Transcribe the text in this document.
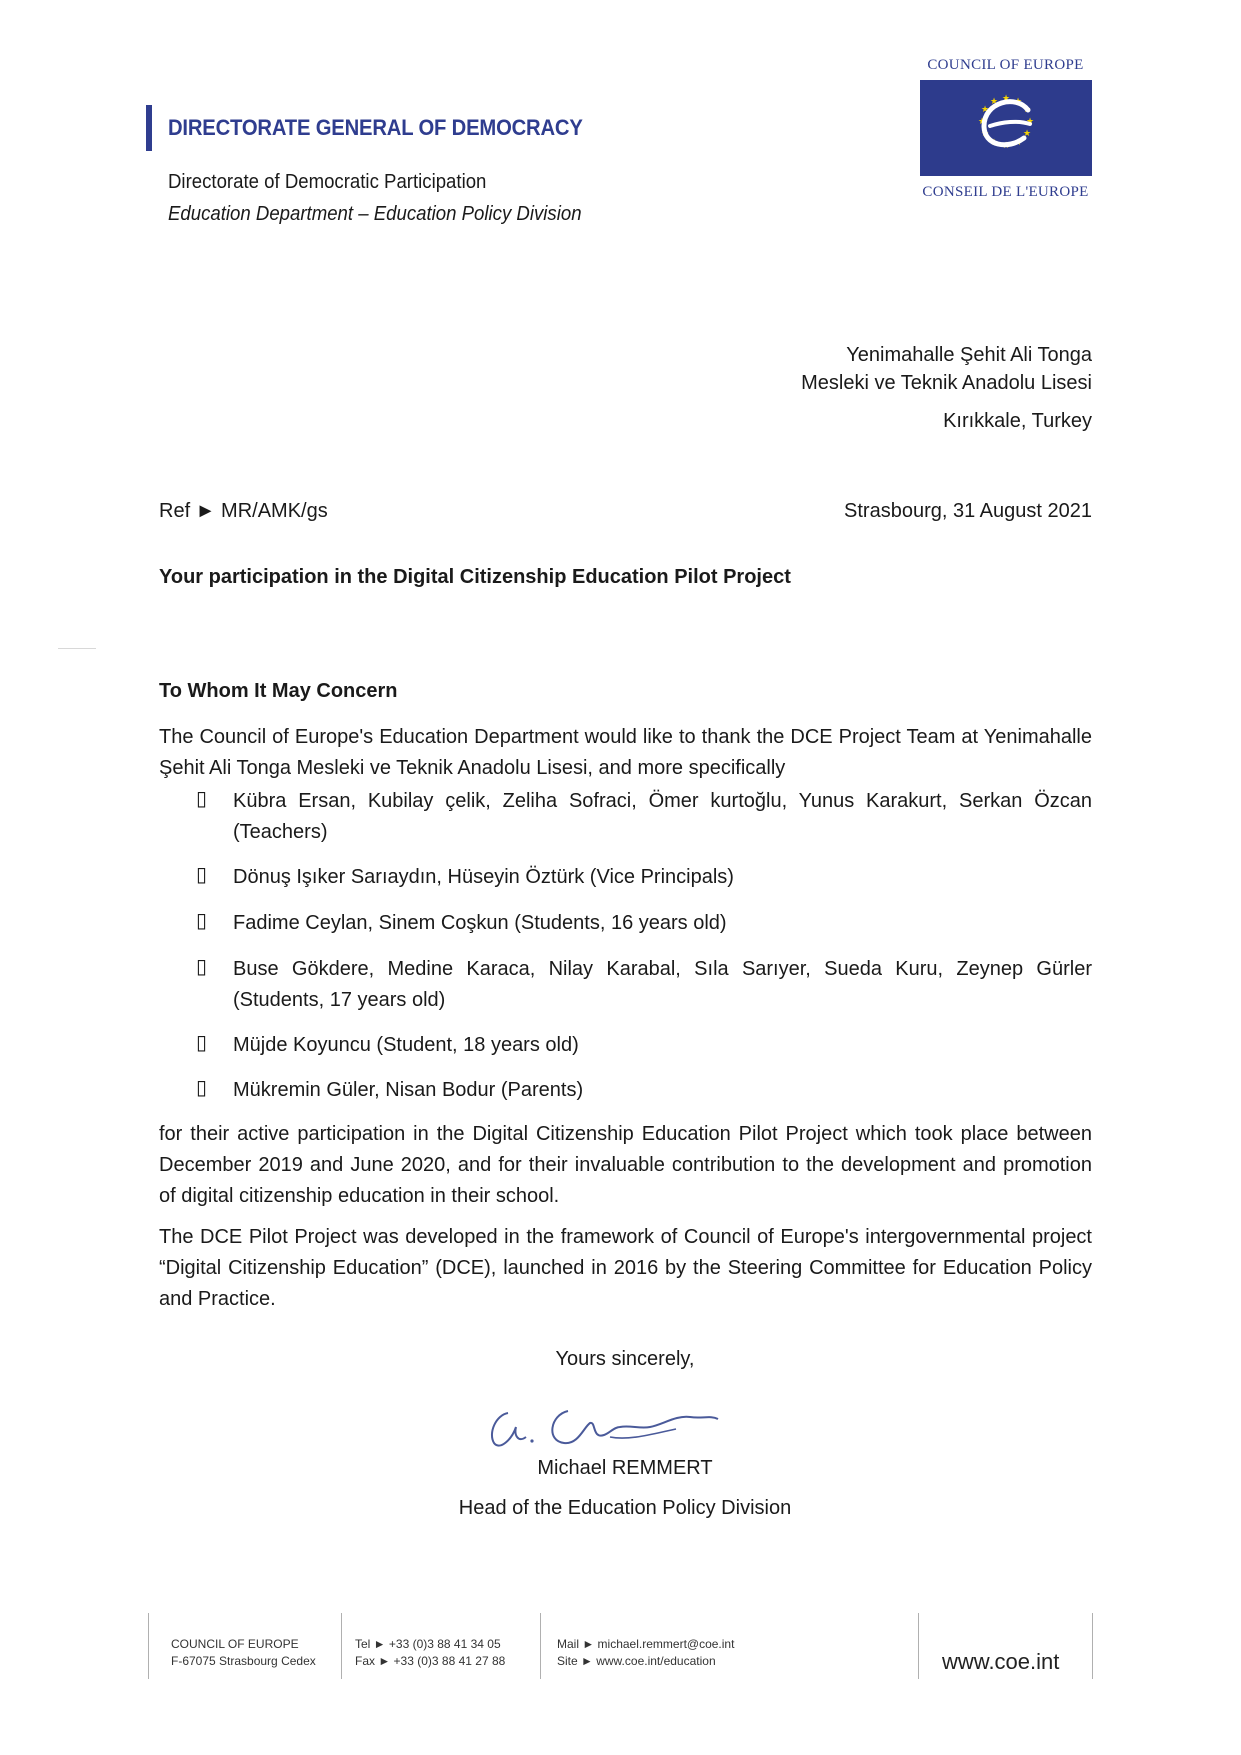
DIRECTORATE GENERAL OF DEMOCRACY
Directorate of Democratic Participation
Education Department – Education Policy Division
COUNCIL OF EUROPE
★ ★
★
★
★
★
★
★
★
★
★
★
CONSEIL DE L'EUROPE
Yenimahalle Şehit Ali Tonga
Mesleki ve Teknik Anadolu Lisesi
Kırıkkale, Turkey
Ref ► MR/AMK/gs	Strasbourg, 31 August 2021
Your participation in the Digital Citizenship Education Pilot Project
To Whom It May Concern
The Council of Europe's Education Department would like to thank the DCE Project Team at Yenimahalle Şehit Ali Tonga Mesleki ve Teknik Anadolu Lisesi, and more specifically
▯ Kübra Ersan, Kubilay çelik, Zeliha Sofraci, Ömer kurtoğlu, Yunus Karakurt, Serkan Özcan (Teachers)
▯ Dönuş Işıker Sarıaydın, Hüseyin Öztürk (Vice Principals)
▯ Fadime Ceylan, Sinem Coşkun (Students, 16 years old)
▯ Buse Gökdere, Medine Karaca, Nilay Karabal, Sıla Sarıyer, Sueda Kuru, Zeynep Gürler (Students, 17 years old)
▯ Müjde Koyuncu (Student, 18 years old)
▯ Mükremin Güler, Nisan Bodur (Parents)
for their active participation in the Digital Citizenship Education Pilot Project which took place between December 2019 and June 2020, and for their invaluable contribution to the development and promotion of digital citizenship education in their school.
The DCE Pilot Project was developed in the framework of Council of Europe's intergovernmental project “Digital Citizenship Education” (DCE), launched in 2016 by the Steering Committee for Education Policy and Practice.
Yours sincerely,
Michael REMMERT
Head of the Education Policy Division
COUNCIL OF EUROPE
F-67075 Strasbourg Cedex
Tel ► +33 (0)3 88 41 34 05
Fax ► +33 (0)3 88 41 27 88
Mail ► michael.remmert@coe.int
Site ► www.coe.int/education	www.coe.int
